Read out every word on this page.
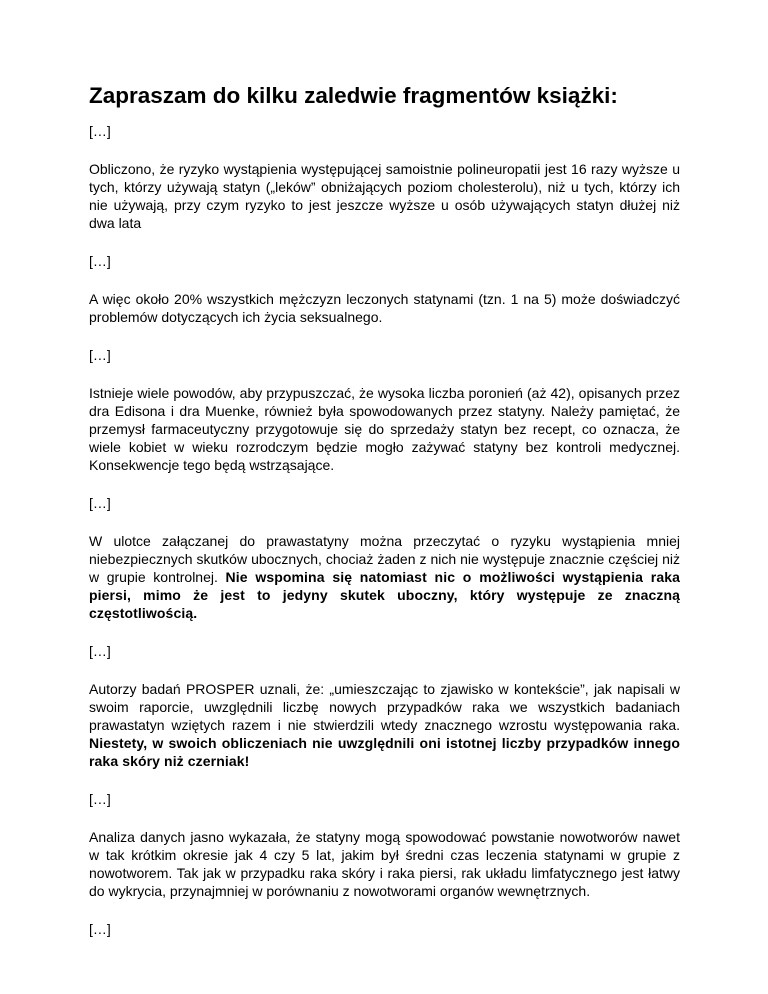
Zapraszam do kilku zaledwie fragmentów książki:
[…]

Obliczono, że ryzyko wystąpienia występującej samoistnie polineuropatii jest 16 razy wyższe u tych, którzy używają statyn („leków” obniżających poziom cholesterolu), niż u tych, którzy ich nie używają, przy czym ryzyko to jest jeszcze wyższe u osób używających statyn dłużej niż dwa lata

[…]

A więc około 20% wszystkich mężczyzn leczonych statynami (tzn. 1 na 5) może doświadczyć problemów dotyczących ich życia seksualnego.

[…]

Istnieje wiele powodów, aby przypuszczać, że wysoka liczba poronień (aż 42), opisanych przez dra Edisona i dra Muenke, również była spowodowanych przez statyny. Należy pamiętać, że przemysł farmaceutyczny przygotowuje się do sprzedaży statyn bez recept, co oznacza, że wiele kobiet w wieku rozrodczym będzie mogło zażywać statyny bez kontroli medycznej. Konsekwencje tego będą wstrząsające.

[…]

W ulotce załączanej do prawastatyny można przeczytać o ryzyku wystąpienia mniej niebezpiecznych skutków ubocznych, chociaż żaden z nich nie występuje znacznie częściej niż w grupie kontrolnej. Nie wspomina się natomiast nic o możliwości wystąpienia raka piersi, mimo że jest to jedyny skutek uboczny, który występuje ze znaczną częstotliwością.

[…]

Autorzy badań PROSPER uznali, że: „umieszczając to zjawisko w kontekście”, jak napisali w swoim raporcie, uwzględnili liczbę nowych przypadków raka we wszystkich badaniach prawastatyn wziętych razem i nie stwierdzili wtedy znacznego wzrostu występowania raka. Niestety, w swoich obliczeniach nie uwzględnili oni istotnej liczby przypadków innego raka skóry niż czerniak!

[…]

Analiza danych jasno wykazała, że statyny mogą spowodować powstanie nowotworów nawet w tak krótkim okresie jak 4 czy 5 lat, jakim był średni czas leczenia statynami w grupie z nowotworem. Tak jak w przypadku raka skóry i raka piersi, rak układu limfatycznego jest łatwy do wykrycia, przynajmniej w porównaniu z nowotworami organów wewnętrznych.

[…]
